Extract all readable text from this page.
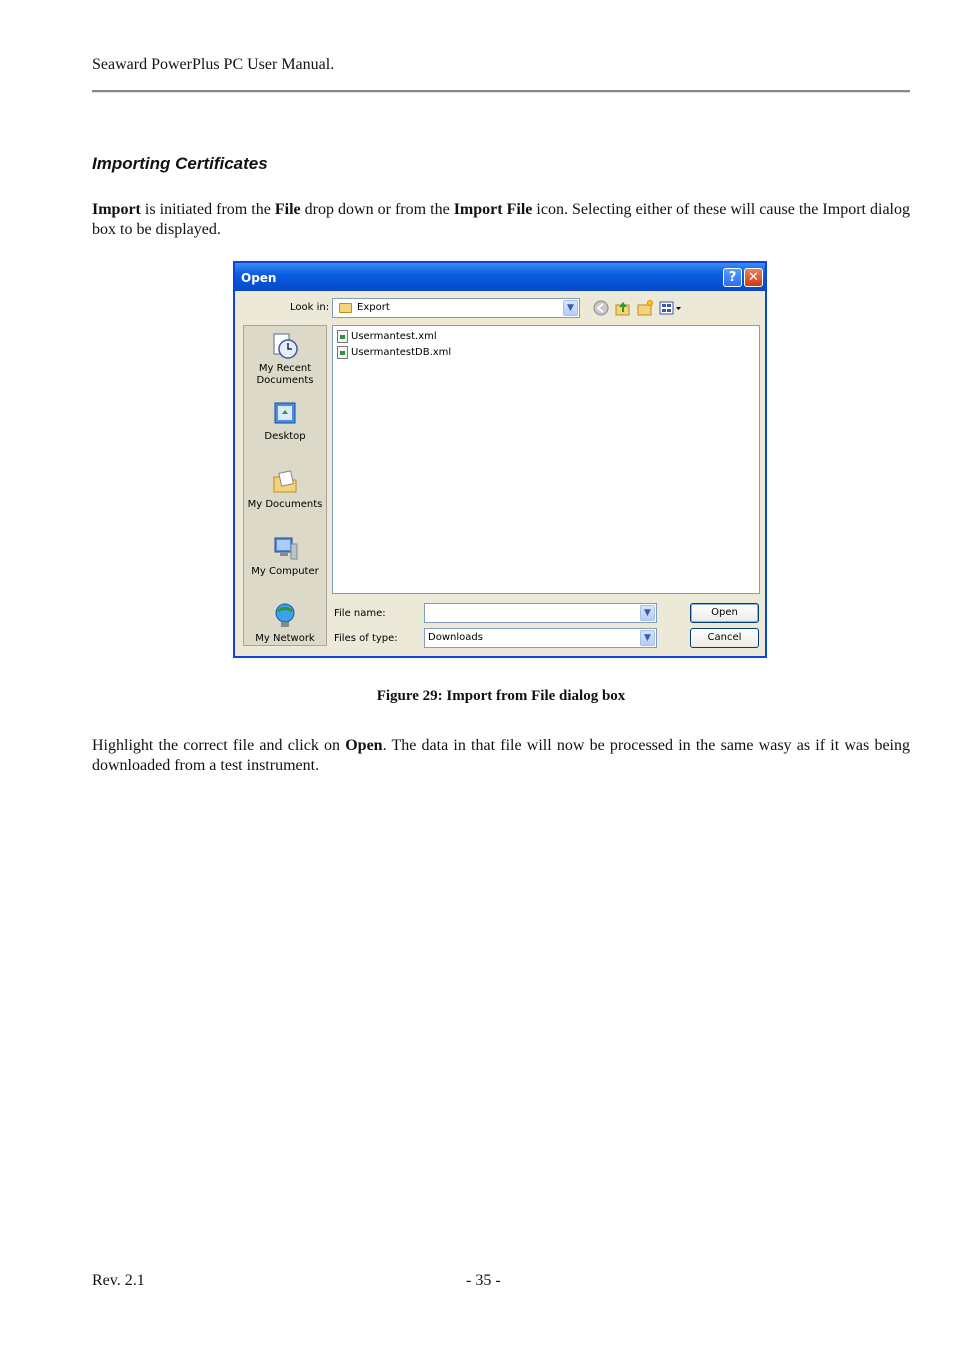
Seaward PowerPlus PC User Manual.
Importing Certificates
Import is initiated from the File drop down or from the Import File icon. Selecting either of these will cause the Import dialog box to be displayed.
Open	? ✕
Look in:	Export	▼
My Recent Documents
Desktop
My Documents
My Computer
My Network
Usermantest.xml
UsermantestDB.xml
File name:	▼
Files of type:	Downloads	▼
Open
Cancel
Figure 29: Import from File dialog box
Highlight the correct file and click on Open. The data in that file will now be processed in the same wasy as if it was being downloaded from a test instrument.
Rev. 2.1	- 35 -
